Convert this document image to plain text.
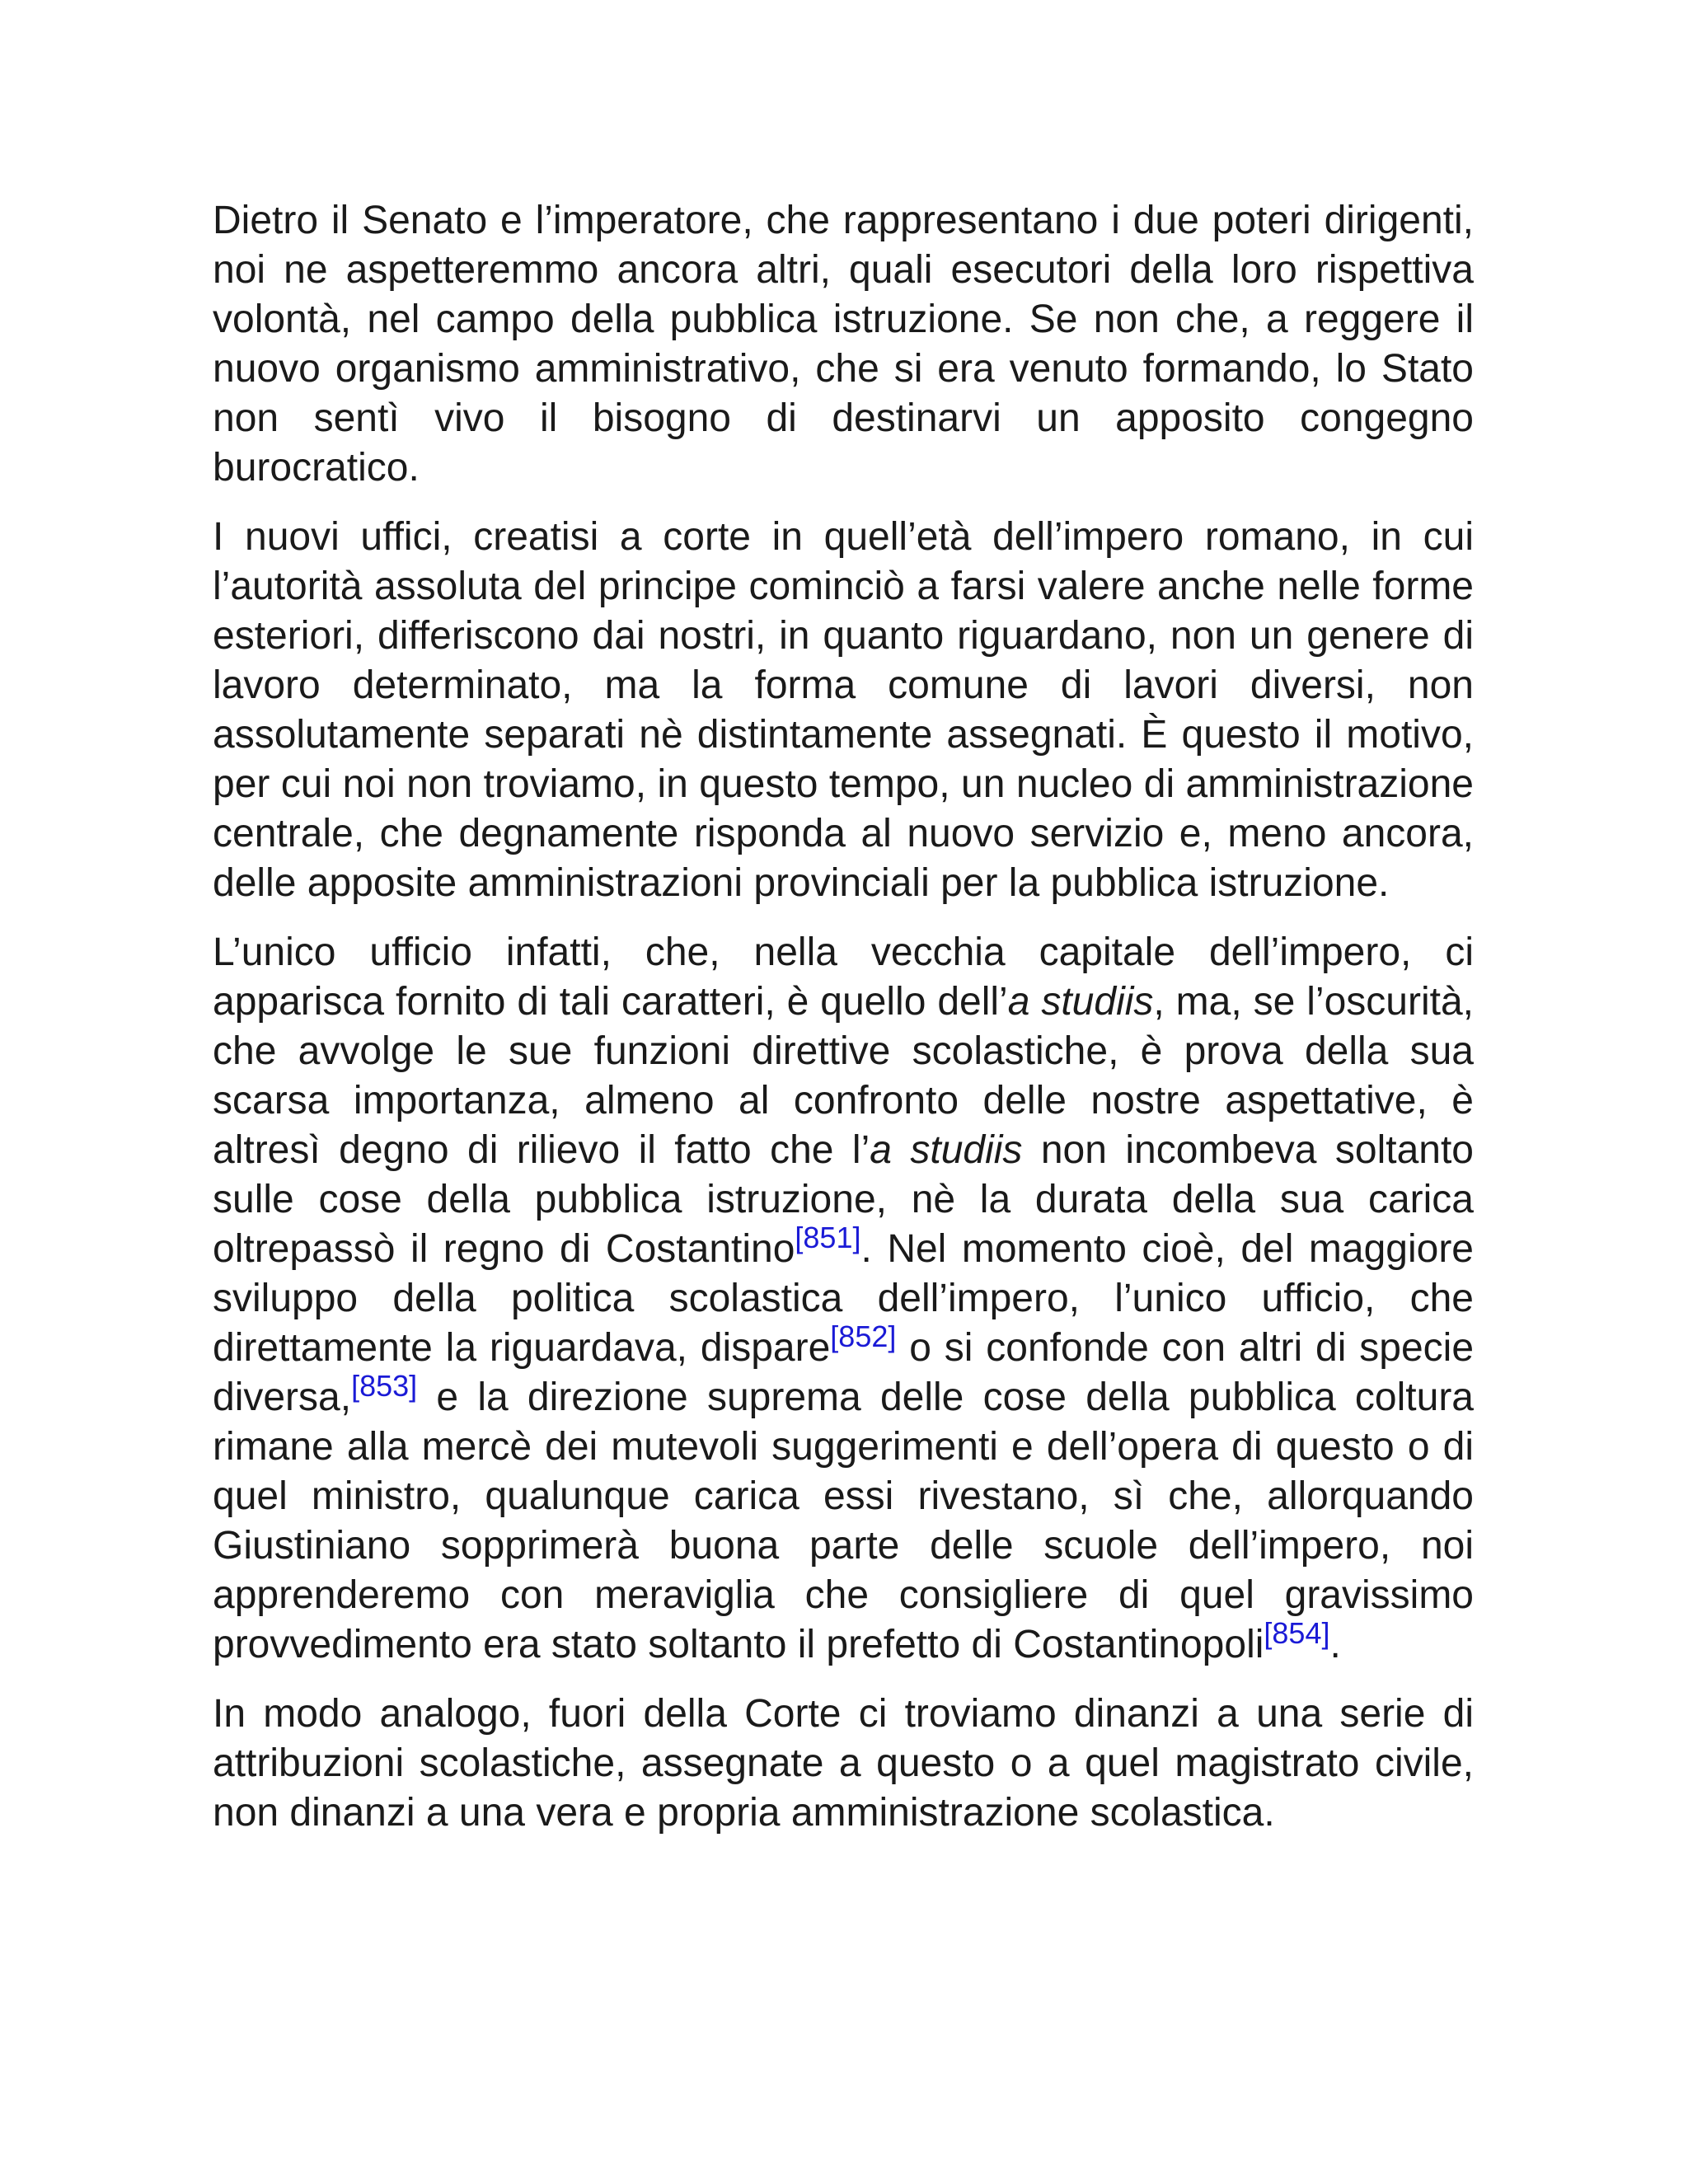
Dietro il Senato e l’imperatore, che rappresentano i due poteri dirigenti, noi ne aspetteremmo ancora altri, quali esecutori della loro rispettiva volontà, nel campo della pubblica istruzione. Se non che, a reggere il nuovo organismo amministrativo, che si era venuto formando, lo Stato non sentì vivo il bisogno di destinarvi un apposito congegno burocratico.

I nuovi uffici, creatisi a corte in quell’età dell’impero romano, in cui l’autorità assoluta del principe cominciò a farsi valere anche nelle forme esteriori, differiscono dai nostri, in quanto riguardano, non un genere di lavoro determinato, ma la forma comune di lavori diversi, non assolutamente separati nè distintamente assegnati. È questo il motivo, per cui noi non troviamo, in questo tempo, un nucleo di amministrazione centrale, che degnamente risponda al nuovo servizio e, meno ancora, delle apposite amministrazioni provinciali per la pubblica istruzione.

L’unico ufficio infatti, che, nella vecchia capitale dell’impero, ci apparisca fornito di tali caratteri, è quello dell’a studiis, ma, se l’oscurità, che avvolge le sue funzioni direttive scolastiche, è prova della sua scarsa importanza, almeno al confronto delle nostre aspettative, è altresì degno di rilievo il fatto che l’a studiis non incombeva soltanto sulle cose della pubblica istruzione, nè la durata della sua carica oltrepassò il regno di Costantino[851]. Nel momento cioè, del maggiore sviluppo della politica scolastica dell’impero, l’unico ufficio, che direttamente la riguardava, dispare[852] o si confonde con altri di specie diversa,[853] e la direzione suprema delle cose della pubblica coltura rimane alla mercè dei mutevoli suggerimenti e dell’opera di questo o di quel ministro, qualunque carica essi rivestano, sì che, allorquando Giustiniano sopprimerà buona parte delle scuole dell’impero, noi apprenderemo con meraviglia che consigliere di quel gravissimo provvedimento era stato soltanto il prefetto di Costantinopoli[854].

In modo analogo, fuori della Corte ci troviamo dinanzi a una serie di attribuzioni scolastiche, assegnate a questo o a quel magistrato civile, non dinanzi a una vera e propria amministrazione scolastica.
